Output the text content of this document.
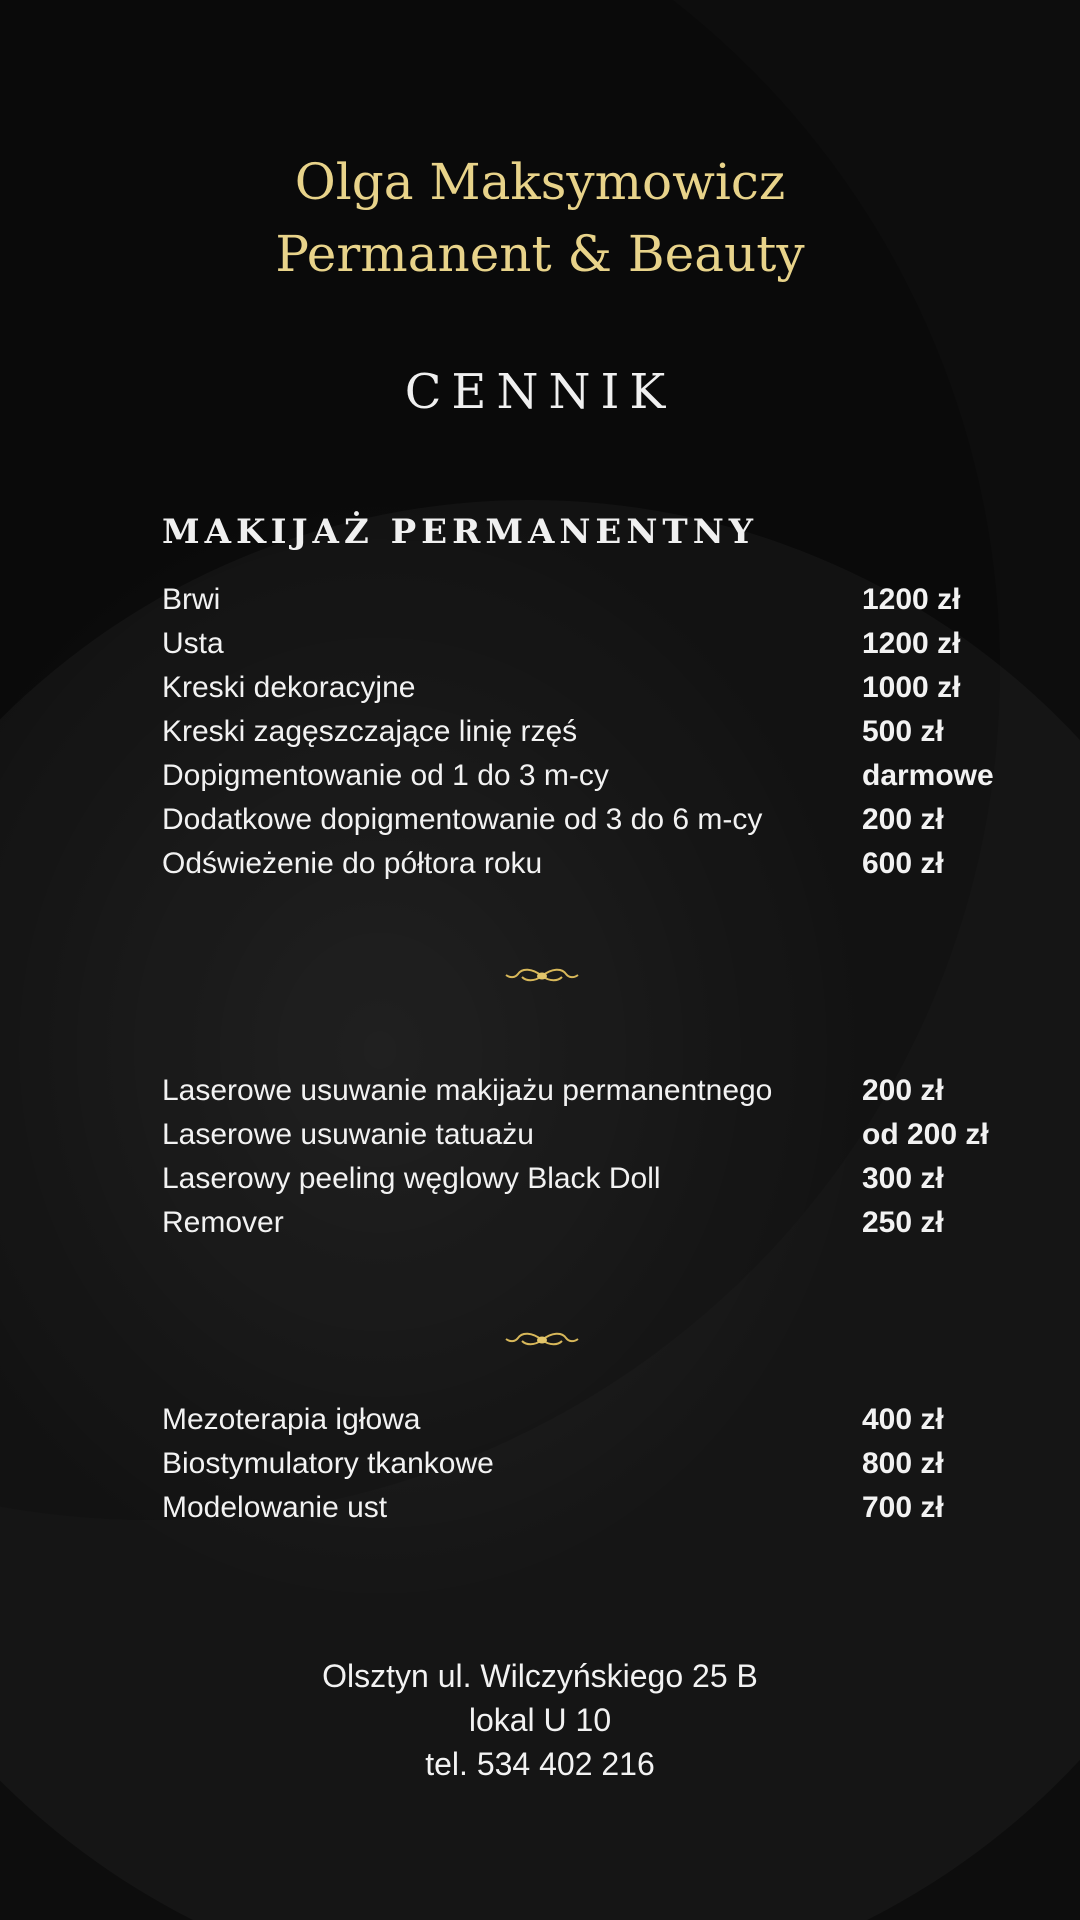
Olga Maksymowicz
Permanent & Beauty
CENNIK
MAKIJAŻ PERMANENTNY
Brwi	1200 zł
Usta	1200 zł
Kreski dekoracyjne	1000 zł
Kreski zagęszczające linię rzęś	500 zł
Dopigmentowanie od 1 do 3 m-cy	darmowe
Dodatkowe dopigmentowanie od 3 do 6 m-cy	200 zł
Odświeżenie do półtora roku	600 zł
Laserowe usuwanie makijażu permanentnego	200 zł
Laserowe usuwanie tatuażu	od 200 zł
Laserowy peeling węglowy Black Doll	300 zł
Remover	250 zł
Mezoterapia igłowa	400 zł
Biostymulatory tkankowe	800 zł
Modelowanie ust	700 zł
Olsztyn ul. Wilczyńskiego 25 B
lokal U 10
tel. 534 402 216
